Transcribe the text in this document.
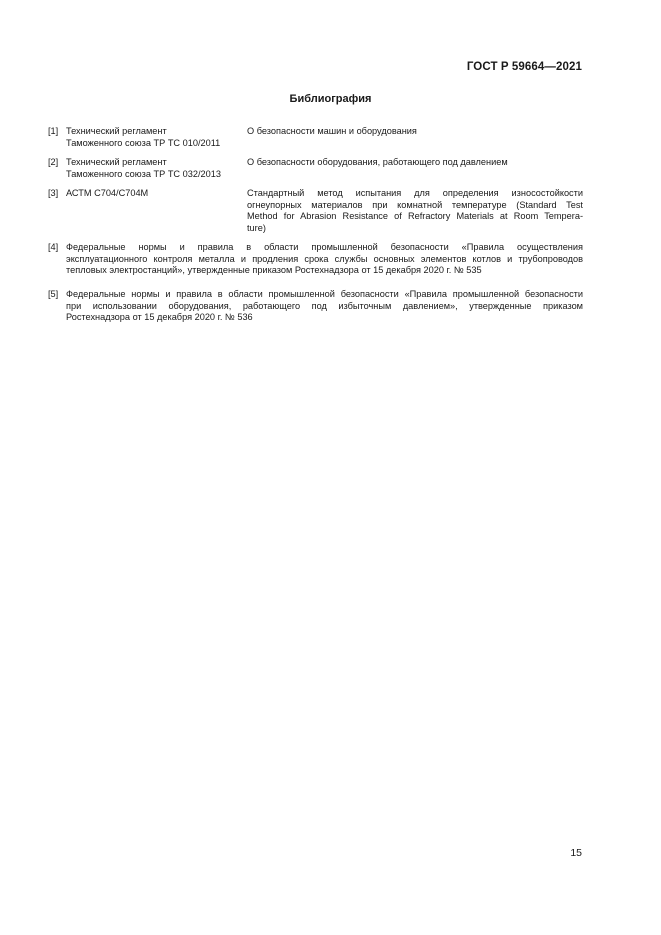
ГОСТ Р 59664—2021
Библиография
[1] Технический регламент
Таможенного союза ТР ТС 010/2011
О безопасности машин и оборудования
[2] Технический регламент
Таможенного союза ТР ТС 032/2013
О безопасности оборудования, работающего под давлением
[3] АСТМ С704/С704М	Стандартный метод испытания для определения износостойкости
огнеупорных материалов при комнатной температуре (Standard Test
Method for Abrasion Resistance of Refractory Materials at Room Tempera-
ture)
[4] Федеральные нормы и правила в области промышленной безопасности «Правила осуществления
эксплуатационного контроля металла и продления срока службы основных элементов котлов и трубопроводов
тепловых электростанций», утвержденные приказом Ростехнадзора от 15 декабря 2020 г. № 535
[5] Федеральные нормы и правила в области промышленной безопасности «Правила промышленной безопасности
при использовании оборудования, работающего под избыточным давлением», утвержденные приказом
Ростехнадзора от 15 декабря 2020 г. № 536
15
